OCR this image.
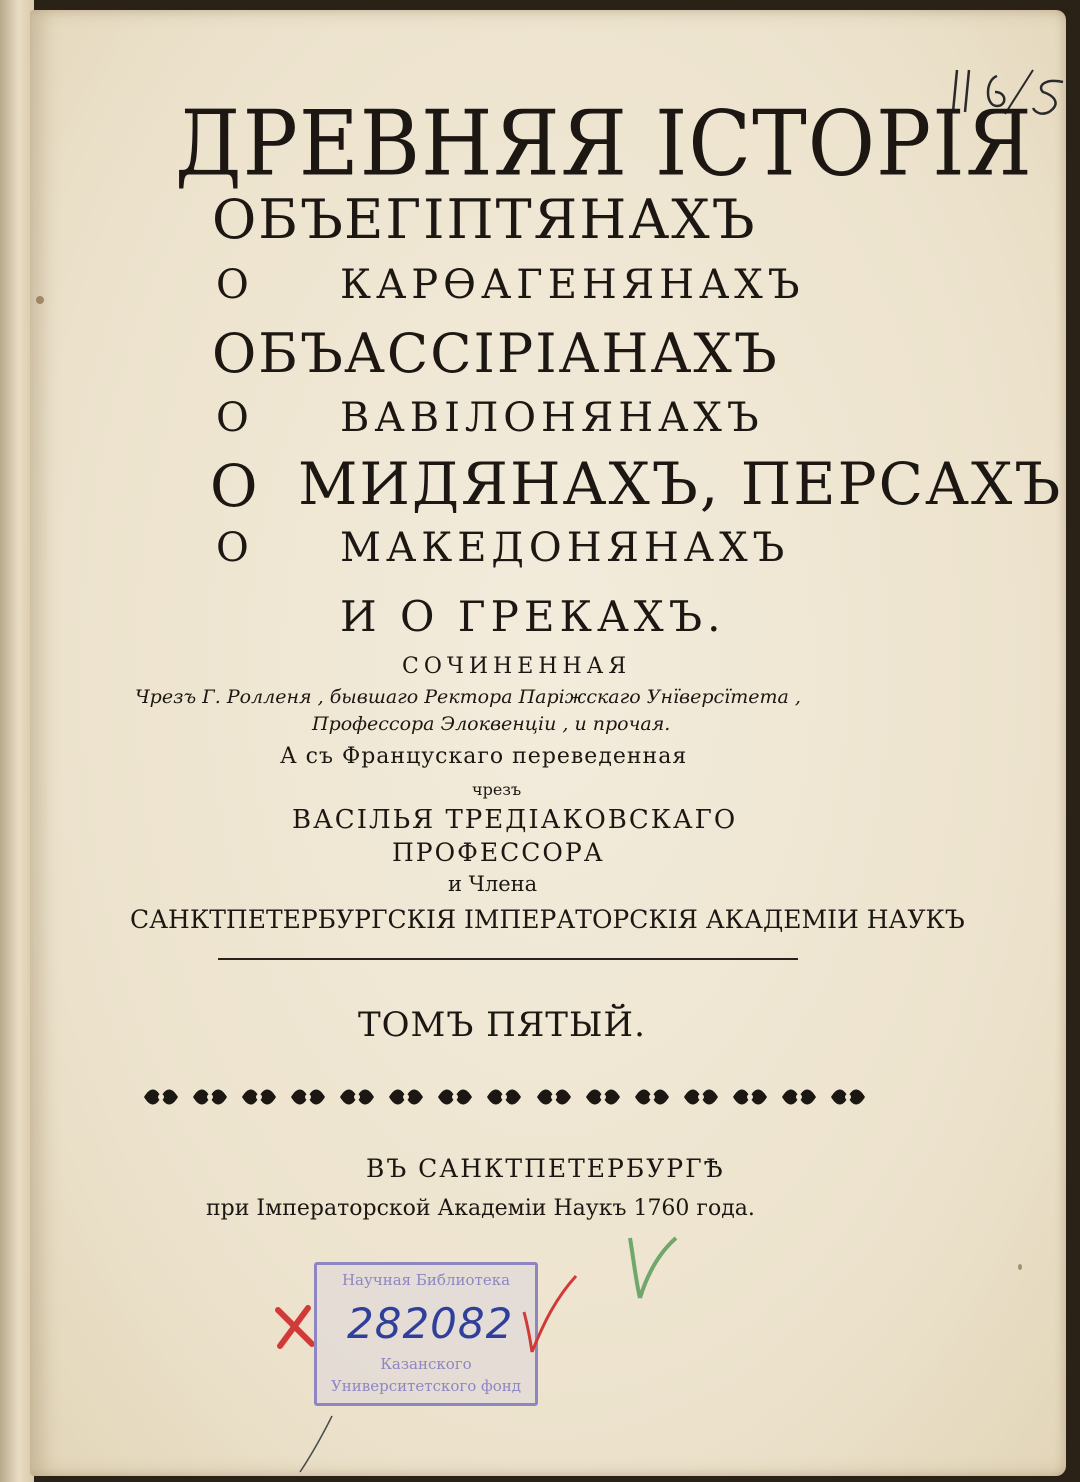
ДРЕВНЯЯ ІСТОРІЯ
ОБЪ ЕГІПТЯНАХЪ
О КАРѲАГЕНЯНАХЪ
ОБЪ АССІРІАНАХЪ
О ВАВІЛОНЯНАХЪ
О МИДЯНАХЪ, ПЕРСАХЪ
О МАКЕДОНЯНАХЪ
И О ГРЕКАХЪ.
СОЧИНЕННАЯ
Чрезъ Г. Ролленя , бывшаго Ректора Паріжскаго Унїверсїтета ,
Профессора Элоквенціи , и прочая.
А съ Францускаго переведенная
чрезъ
ВАСІЛЬЯ ТРЕДІАКОВСКАГО
ПРОФЕССОРА
и Члена
САНКТПЕТЕРБУРГСКІЯ ІМПЕРАТОРСКІЯ АКАДЕМІИ НАУКЪ
ТОМЪ ПЯТЫЙ.
ВЪ САНКТПЕТЕРБУРГѢ
при Імператорской Академіи Наукъ 1760 года.
Научная Библиотека
282082
Казанского
Университетского фонд
